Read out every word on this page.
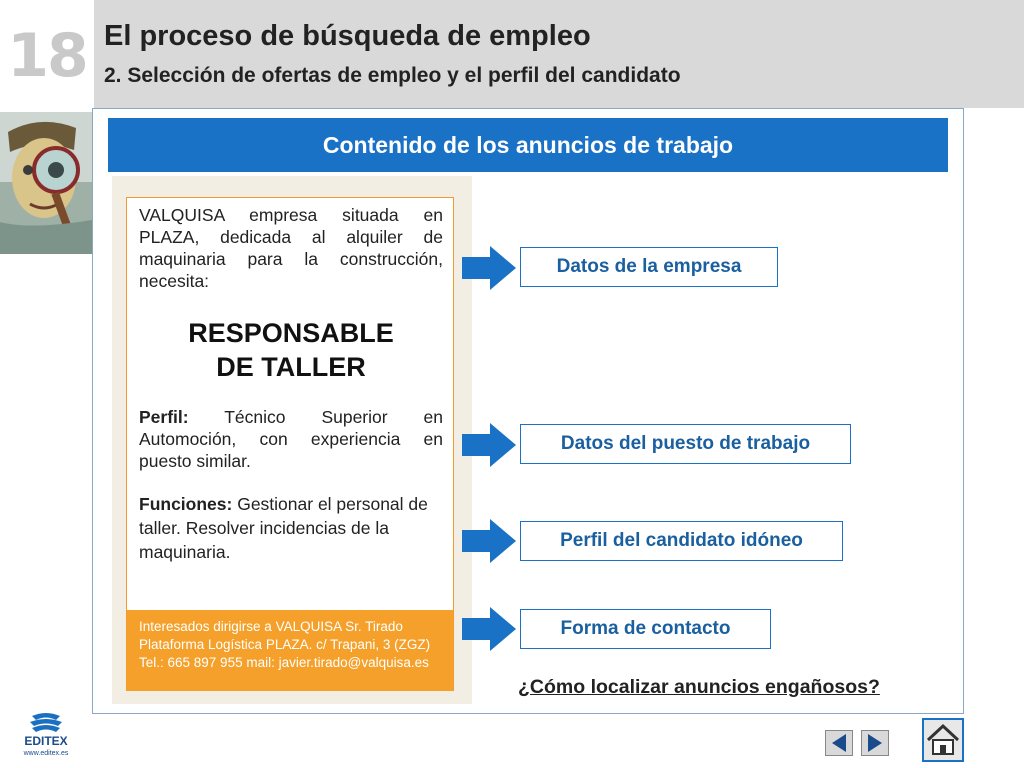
18 El proceso de búsqueda de empleo
2. Selección de ofertas de empleo y el perfil del candidato
Contenido de los anuncios de trabajo
VALQUISA empresa situada en PLAZA, dedicada al alquiler de maquinaria para la construcción, necesita:
RESPONSABLE
DE TALLER
Perfil: Técnico Superior en Automoción, con experiencia en puesto similar.
Funciones: Gestionar el personal de taller. Resolver incidencias de la maquinaria.
Interesados dirigirse a VALQUISA Sr. Tirado
Plataforma Logística PLAZA. c/ Trapani, 3 (ZGZ)
Tel.: 665 897 955 mail: javier.tirado@valquisa.es
Datos de la empresa
Datos del puesto de trabajo
Perfil del candidato idóneo
Forma de contacto
¿Cómo localizar anuncios engañosos?
EDITEX
www.editex.es
